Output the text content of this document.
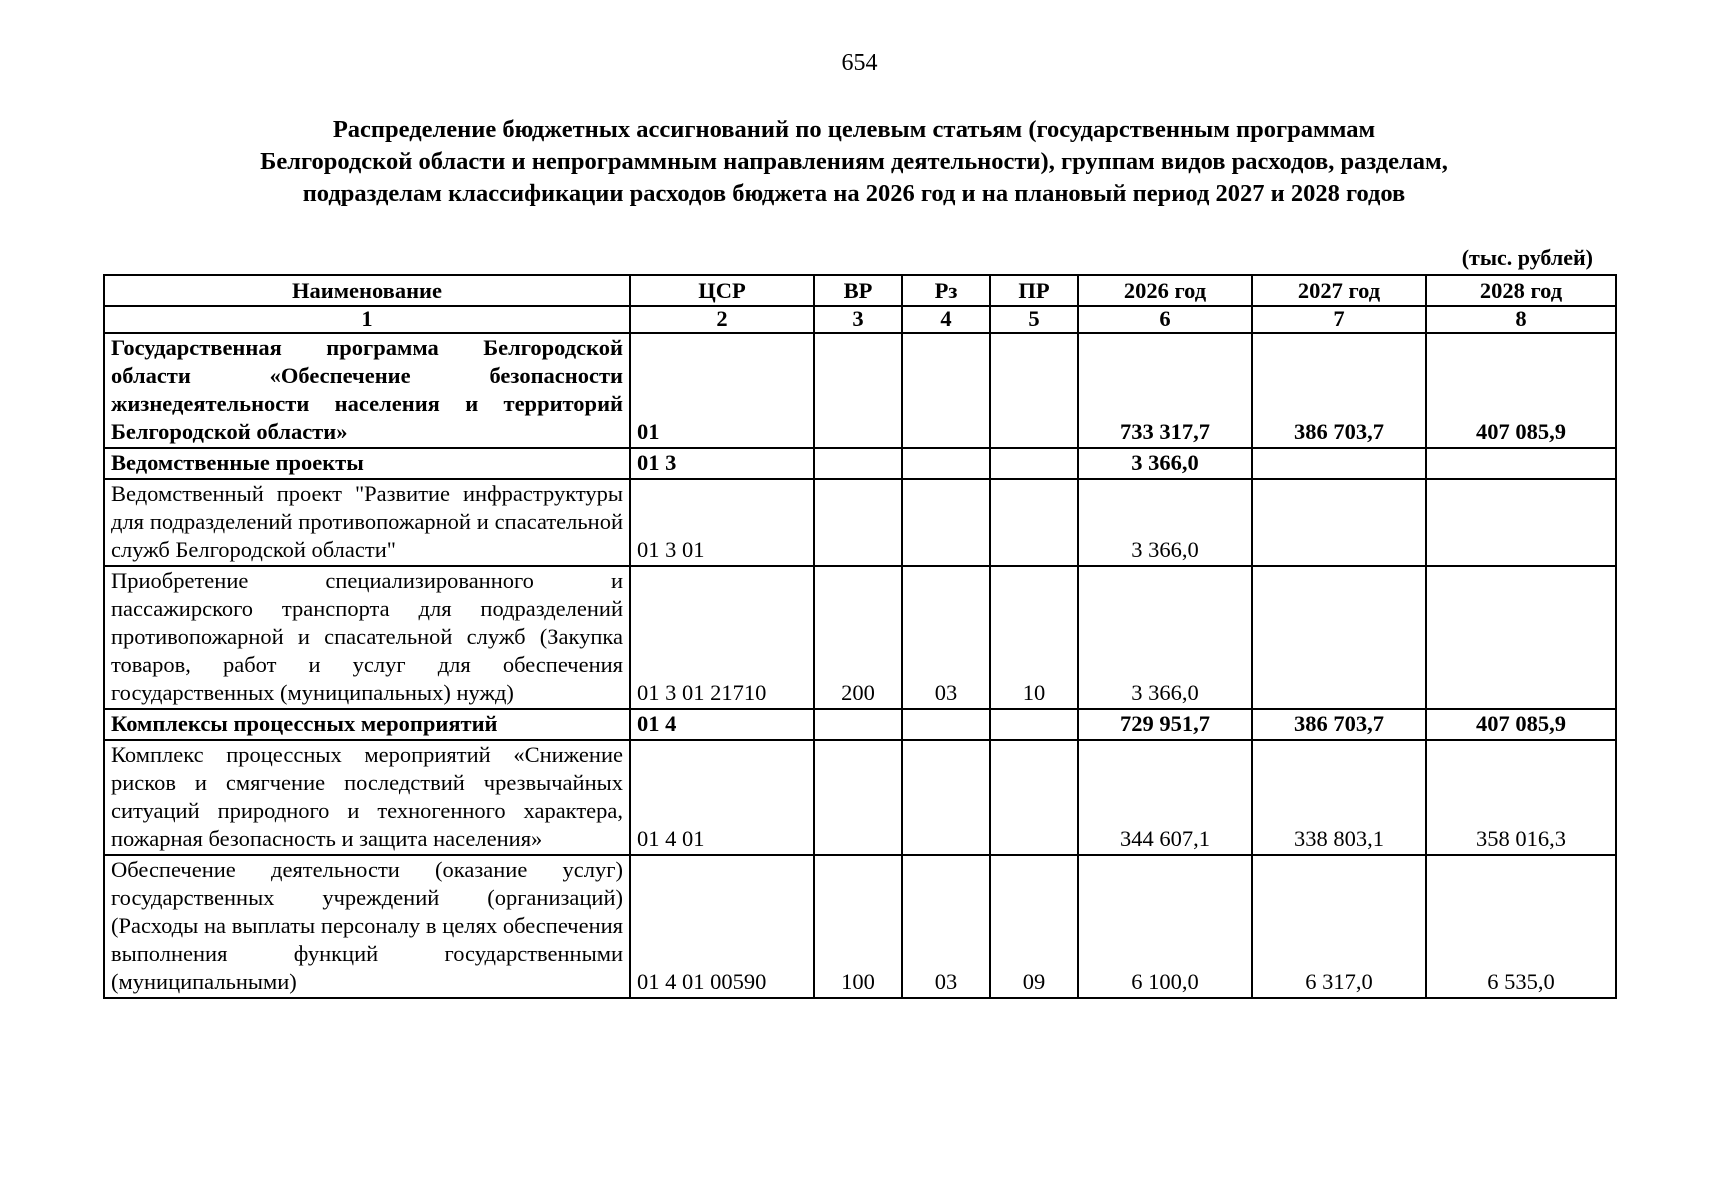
654
Распределение бюджетных ассигнований по целевым статьям (государственным программам
Белгородской области и непрограммным направлениям деятельности), группам видов расходов, разделам,
подразделам классификации расходов бюджета на 2026 год и на плановый период 2027 и 2028 годов
(тыс. рублей)
Наименование	ЦСР	ВР	Рз	ПР	2026 год	2027 год	2028 год
1	2	3	4	5	6	7	8
Государственная программа Белгородской области «Обеспечение безопасности жизнедеятельности населения и территорий Белгородской области»	01				733 317,7	386 703,7	407 085,9
Ведомственные проекты	01 3				3 366,0		
Ведомственный проект "Развитие инфраструктуры для подразделений противопожарной и спасательной служб Белгородской области"	01 3 01				3 366,0		
Приобретение специализированного и пассажирского транспорта для подразделений противопожарной и спасательной служб (Закупка товаров, работ и услуг для обеспечения государственных (муниципальных) нужд)	01 3 01 21710	200	03	10	3 366,0		
Комплексы процессных мероприятий	01 4				729 951,7	386 703,7	407 085,9
Комплекс процессных мероприятий «Снижение рисков и смягчение последствий чрезвычайных ситуаций природного и техногенного характера, пожарная безопасность и защита населения»	01 4 01				344 607,1	338 803,1	358 016,3
Обеспечение деятельности (оказание услуг) государственных учреждений (организаций) (Расходы на выплаты персоналу в целях обеспечения выполнения функций государственными (муниципальными)	01 4 01 00590	100	03	09	6 100,0	6 317,0	6 535,0
